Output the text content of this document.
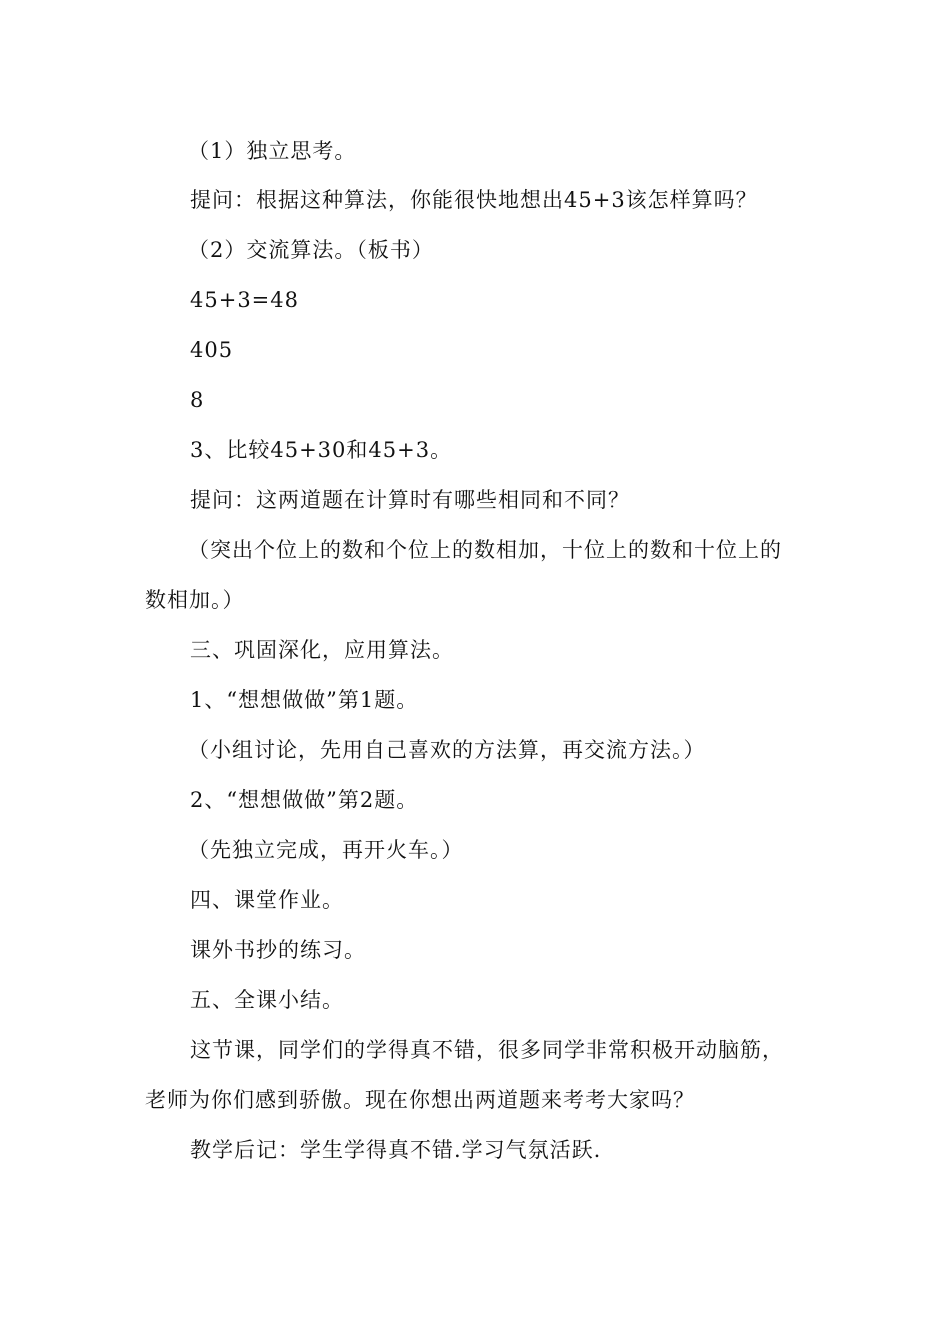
（1）独立思考。
提问：根据这种算法，你能很快地想出45+3该怎样算吗？
（2）交流算法。（板书）
45+3=48
405
8
3、比较45+30和45+3。
提问：这两道题在计算时有哪些相同和不同？
（突出个位上的数和个位上的数相加，十位上的数和十位上的
数相加。）
三、巩固深化，应用算法。
1、“想想做做”第1题。
（小组讨论，先用自己喜欢的方法算，再交流方法。）
2、“想想做做”第2题。
（先独立完成，再开火车。）
四、课堂作业。
课外书抄的练习。
五、全课小结。
这节课，同学们的学得真不错，很多同学非常积极开动脑筋，
老师为你们感到骄傲。现在你想出两道题来考考大家吗？
教学后记：学生学得真不错.学习气氛活跃.
